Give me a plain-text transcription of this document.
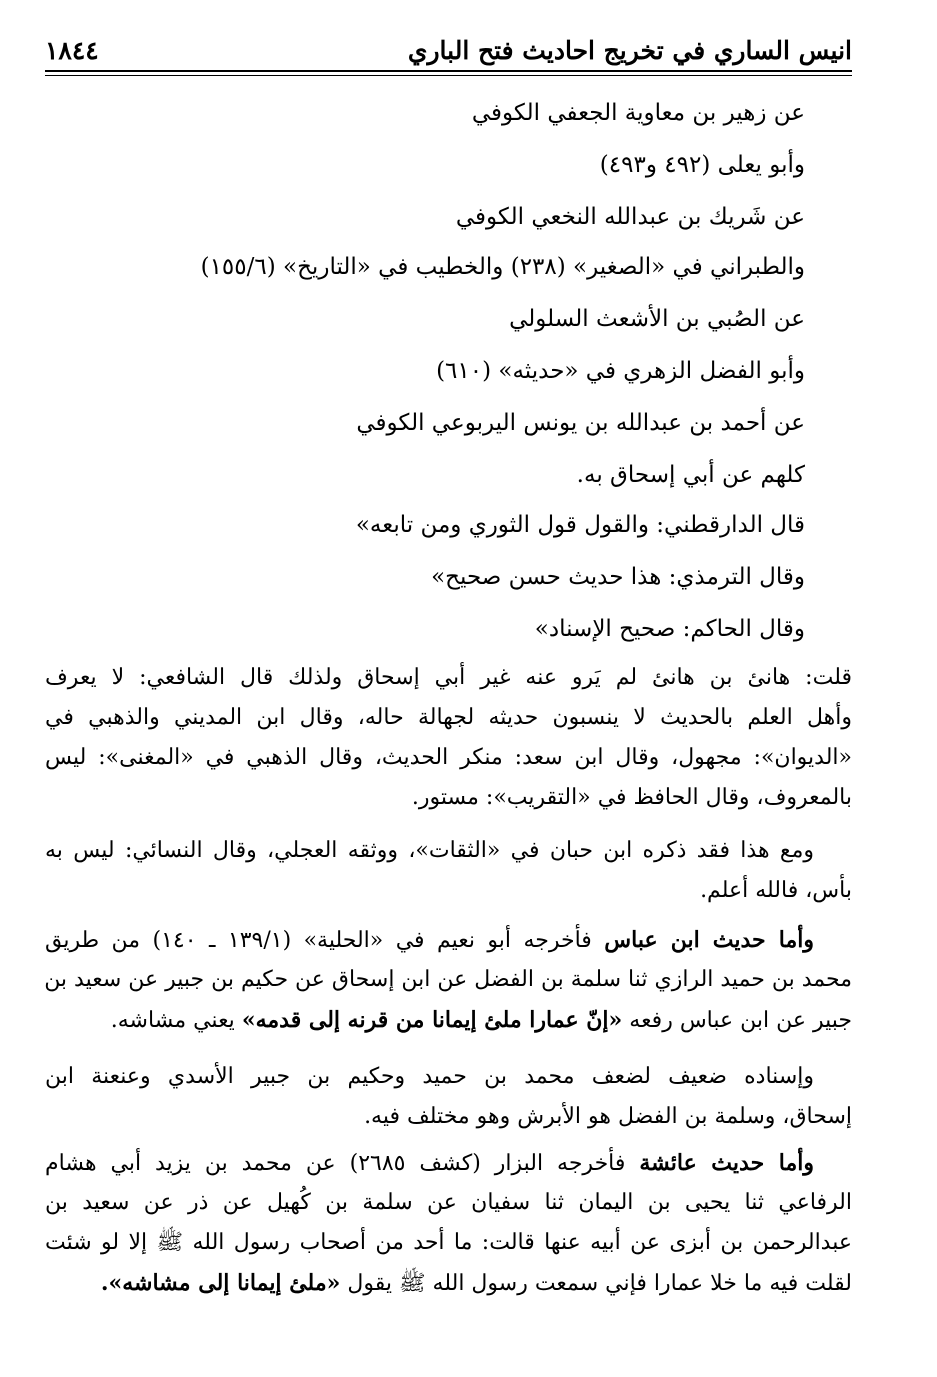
انيس الساري في تخريج احاديث فتح الباري
١٨٤٤

عن زهير بن معاوية الجعفي الكوفي

وأبو يعلى (٤٩٢ و٤٩٣)

عن شَريك بن عبدالله النخعي الكوفي

والطبراني في «الصغير» (٢٣٨) والخطيب في «التاريخ» (١٥٥/٦)

عن الصُبي بن الأشعث السلولي

وأبو الفضل الزهري في «حديثه» (٦١٠)

عن أحمد بن عبدالله بن يونس اليربوعي الكوفي

كلهم عن أبي إسحاق به.

قال الدارقطني: والقول قول الثوري ومن تابعه»

وقال الترمذي: هذا حديث حسن صحيح»

وقال الحاكم: صحيح الإسناد»

قلت: هانئ بن هانئ لم يَرو عنه غير أبي إسحاق ولذلك قال الشافعي: لا يعرف
وأهل العلم بالحديث لا ينسبون حديثه لجهالة حاله، وقال ابن المديني والذهبي في
«الديوان»: مجهول، وقال ابن سعد: منكر الحديث، وقال الذهبي في «المغنى»: ليس
بالمعروف، وقال الحافظ في «التقريب»: مستور.
ومع هذا فقد ذكره ابن حبان في «الثقات»، ووثقه العجلي، وقال النسائي: ليس به
بأس، فالله أعلم.
وأما حديث ابن عباس فأخرجه أبو نعيم في «الحلية» (١٣٩/١ ـ ١٤٠) من طريق
محمد بن حميد الرازي ثنا سلمة بن الفضل عن ابن إسحاق عن حكيم بن جبير عن سعيد بن
جبير عن ابن عباس رفعه «إنّ عمارا ملئ إيمانا من قرنه إلى قدمه» يعني مشاشه.
وإسناده ضعيف لضعف محمد بن حميد وحكيم بن جبير الأسدي وعنعنة ابن
إسحاق، وسلمة بن الفضل هو الأبرش وهو مختلف فيه.
وأما حديث عائشة فأخرجه البزار (كشف ٢٦٨٥) عن محمد بن يزيد أبي هشام
الرفاعي ثنا يحيى بن اليمان ثنا سفيان عن سلمة بن كُهيل عن ذر عن سعيد بن
عبدالرحمن بن أبزى عن أبيه عنها قالت: ما أحد من أصحاب رسول الله ﷺ إلا لو شئت
لقلت فيه ما خلا عمارا فإني سمعت رسول الله ﷺ يقول «ملئ إيمانا إلى مشاشه».
